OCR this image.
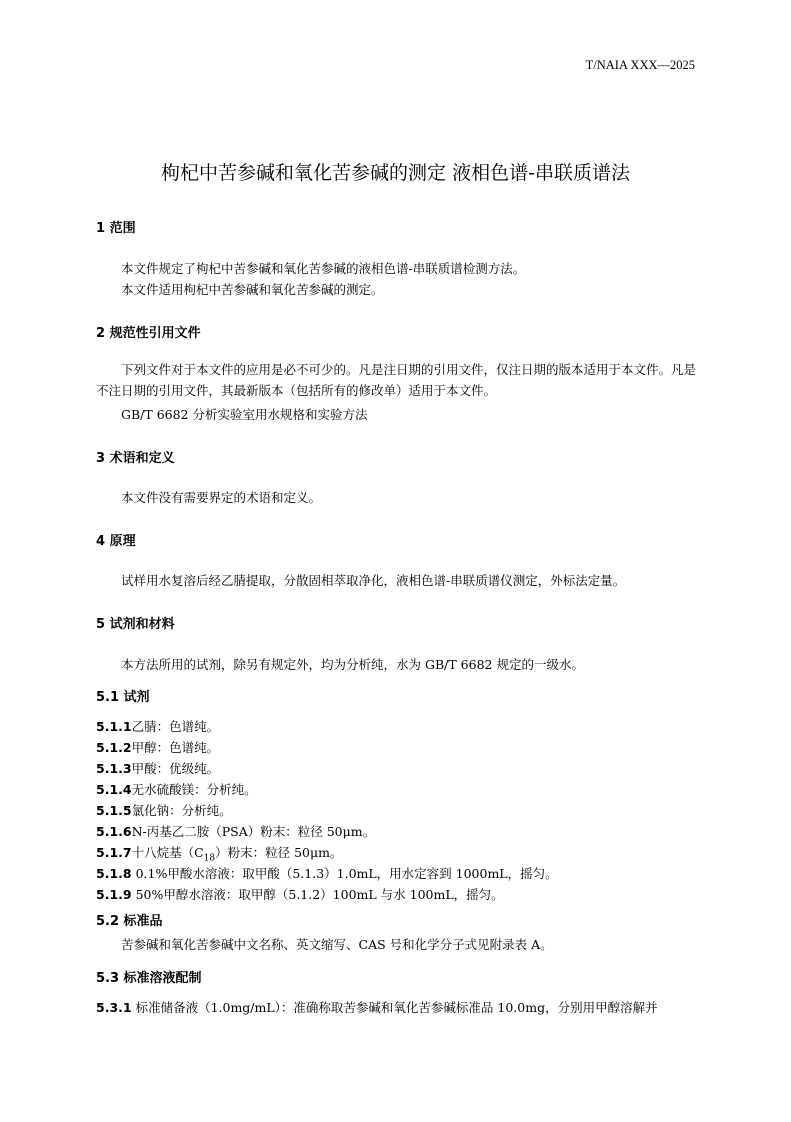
T/NAIA XXX—2025
枸杞中苦参碱和氧化苦参碱的测定 液相色谱-串联质谱法
1 范围
本文件规定了枸杞中苦参碱和氧化苦参碱的液相色谱-串联质谱检测方法。
本文件适用枸杞中苦参碱和氧化苦参碱的测定。
2 规范性引用文件
下列文件对于本文件的应用是必不可少的。凡是注日期的引用文件，仅注日期的版本适用于本文件。凡是不注日期的引用文件，其最新版本（包括所有的修改单）适用于本文件。
GB/T 6682 分析实验室用水规格和实验方法
3 术语和定义
本文件没有需要界定的术语和定义。
4 原理
试样用水复溶后经乙腈提取，分散固相萃取净化，液相色谱-串联质谱仪测定，外标法定量。
5 试剂和材料
本方法所用的试剂，除另有规定外，均为分析纯，水为 GB/T 6682 规定的一级水。
5.1 试剂
5.1.1乙腈：色谱纯。
5.1.2甲醇：色谱纯。
5.1.3甲酸：优级纯。
5.1.4无水硫酸镁：分析纯。
5.1.5氯化钠：分析纯。
5.1.6N-丙基乙二胺（PSA）粉末：粒径 50μm。
5.1.7十八烷基$(C_{18})$粉末：粒径 50μm。
5.1.8 0.1%甲酸水溶液：取甲酸（5.1.3）1.0mL，用水定容到 1000mL，摇匀。
5.1.9 50%甲醇水溶液：取甲醇（5.1.2）100mL 与水 100mL，摇匀。
5.2 标准品
苦参碱和氧化苦参碱中文名称、英文缩写、CAS 号和化学分子式见附录表 A。
5.3 标准溶液配制
5.3.1 标准储备液（1.0mg/mL）：准确称取苦参碱和氧化苦参碱标准品 10.0mg，分别用甲醇溶解并
